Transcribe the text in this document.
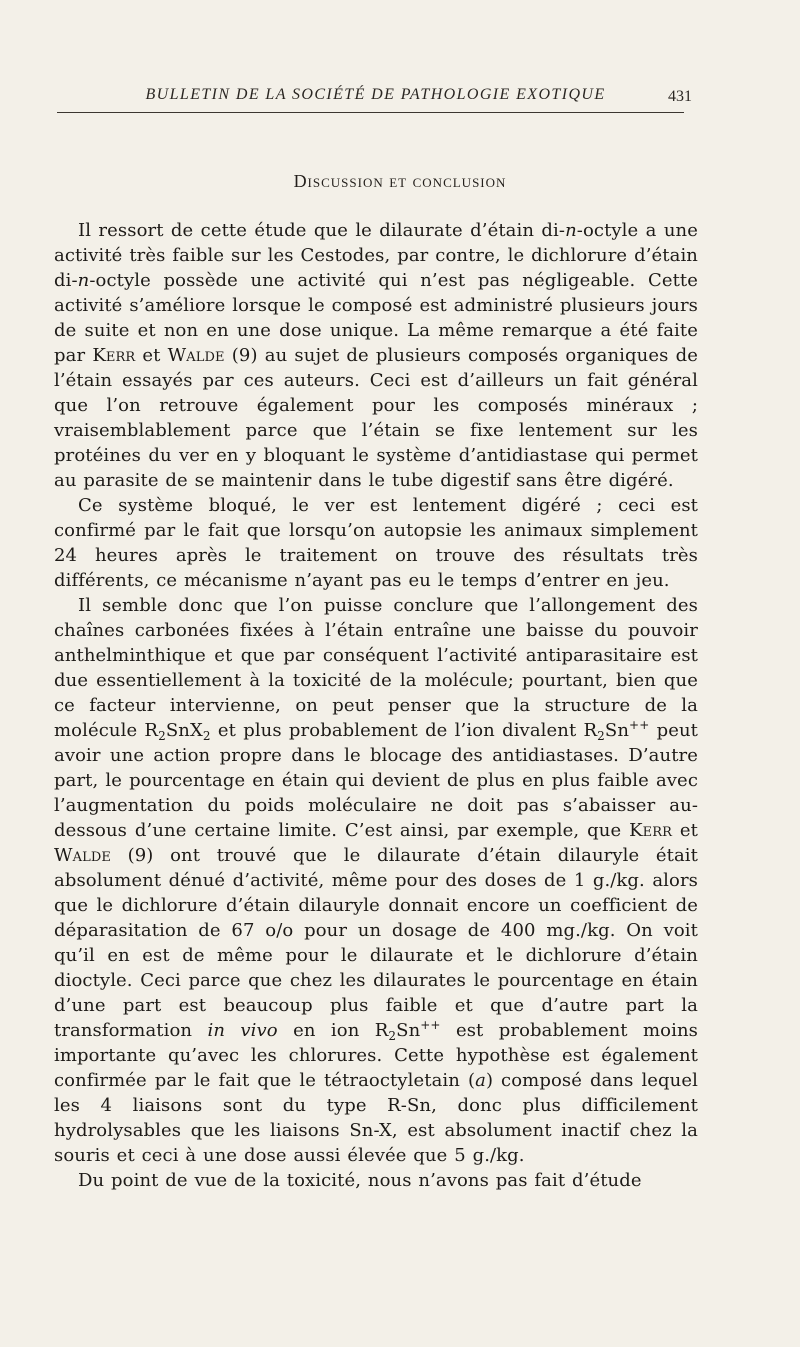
BULLETIN DE LA SOCIÉTÉ DE PATHOLOGIE EXOTIQUE	431
Discussion et conclusion

Il ressort de cette étude que le dilaurate d’étain di-n-octyle a une activité très faible sur les Cestodes, par contre, le dichlorure d’étain di-n-octyle possède une activité qui n’est pas négligeable. Cette activité s’améliore lorsque le composé est administré plusieurs jours de suite et non en une dose unique. La même remarque a été faite par Kerr et Walde (9) au sujet de plusieurs composés organiques de l’étain essayés par ces auteurs. Ceci est d’ailleurs un fait général que l’on retrouve également pour les composés minéraux ; vraisemblablement parce que l’étain se fixe lentement sur les protéines du ver en y bloquant le système d’antidiastase qui permet au parasite de se maintenir dans le tube digestif sans être digéré.

Ce système bloqué, le ver est lentement digéré ; ceci est confirmé par le fait que lorsqu’on autopsie les animaux simplement 24 heures après le traitement on trouve des résultats très différents, ce mécanisme n’ayant pas eu le temps d’entrer en jeu.

Il semble donc que l’on puisse conclure que l’allongement des chaînes carbonées fixées à l’étain entraîne une baisse du pouvoir anthelminthique et que par conséquent l’activité antiparasitaire est due essentiellement à la toxicité de la molécule; pourtant, bien que ce facteur intervienne, on peut penser que la structure de la molécule $R_2SnX_2$ et plus probablement de l’ion divalent $R_2Sn^{++}$ peut avoir une action propre dans le blocage des antidiastases. D’autre part, le pourcentage en étain qui devient de plus en plus faible avec l’augmentation du poids moléculaire ne doit pas s’abaisser au-dessous d’une certaine limite. C’est ainsi, par exemple, que Kerr et Walde (9) ont trouvé que le dilaurate d’étain dilauryle était absolument dénué d’activité, même pour des doses de 1 g./kg. alors que le dichlorure d’étain dilauryle donnait encore un coefficient de déparasitation de 67 o/o pour un dosage de 400 mg./kg. On voit qu’il en est de même pour le dilaurate et le dichlorure d’étain dioctyle. Ceci parce que chez les dilaurates le pourcentage en étain d’une part est beaucoup plus faible et que d’autre part la transformation in vivo en ion $R_2Sn^{++}$ est probablement moins importante qu’avec les chlorures. Cette hypothèse est également confirmée par le fait que le tétraoctyletain (a) composé dans lequel les 4 liaisons sont du type R-Sn, donc plus difficilement hydrolysables que les liaisons Sn-X, est absolument inactif chez la souris et ceci à une dose aussi élevée que 5 g./kg.

Du point de vue de la toxicité, nous n’avons pas fait d’étude
